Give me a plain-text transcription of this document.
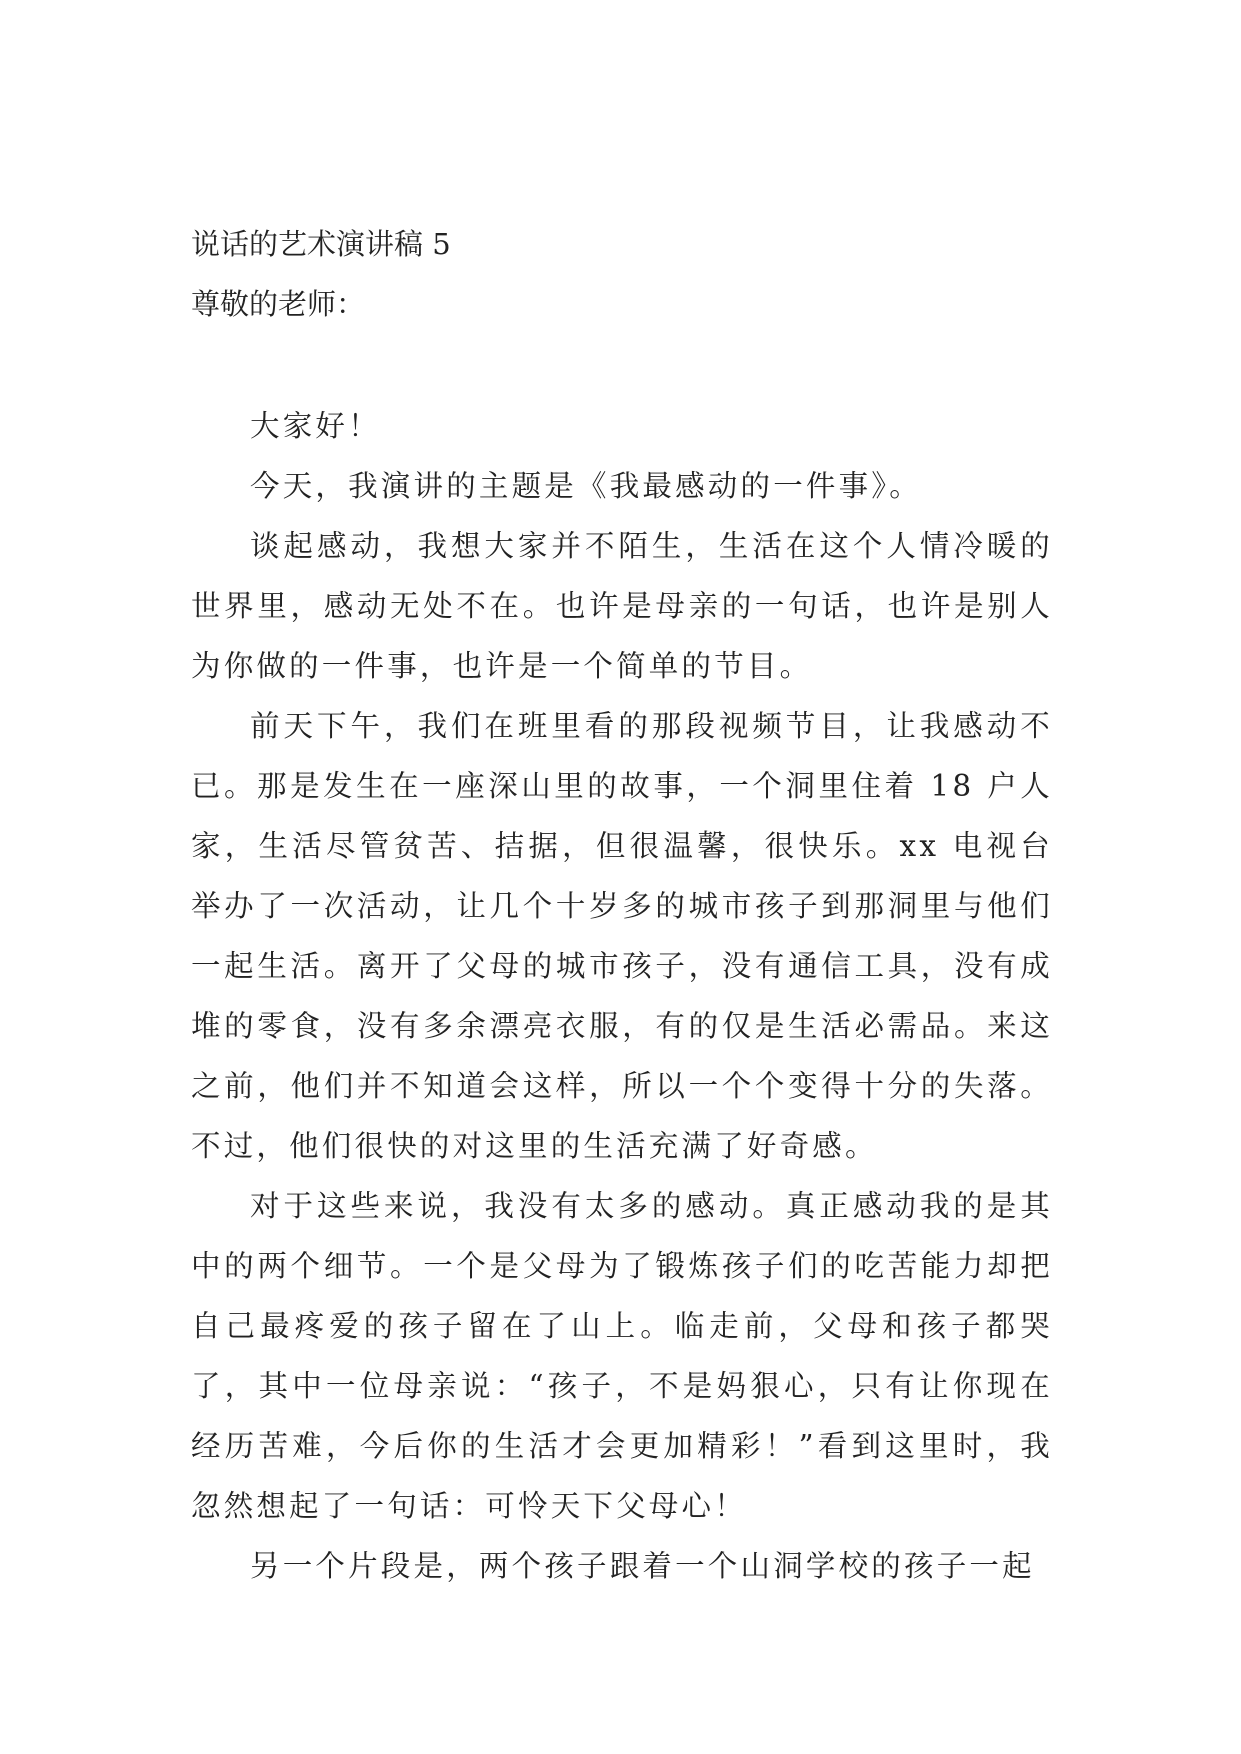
说话的艺术演讲稿 5
尊敬的老师：

大家好！

今天，我演讲的主题是《我最感动的一件事》。

谈起感动，我想大家并不陌生，生活在这个人情冷暖的世界里，感动无处不在。也许是母亲的一句话，也许是别人为你做的一件事，也许是一个简单的节目。

前天下午，我们在班里看的那段视频节目，让我感动不已。那是发生在一座深山里的故事，一个洞里住着 18 户人家，生活尽管贫苦、拮据，但很温馨，很快乐。xx 电视台举办了一次活动，让几个十岁多的城市孩子到那洞里与他们一起生活。离开了父母的城市孩子，没有通信工具，没有成堆的零食，没有多余漂亮衣服，有的仅是生活必需品。来这之前，他们并不知道会这样，所以一个个变得十分的失落。不过，他们很快的对这里的生活充满了好奇感。

对于这些来说，我没有太多的感动。真正感动我的是其中的两个细节。一个是父母为了锻炼孩子们的吃苦能力却把自己最疼爱的孩子留在了山上。临走前，父母和孩子都哭了，其中一位母亲说：“孩子，不是妈狠心，只有让你现在经历苦难，今后你的生活才会更加精彩！”看到这里时，我忽然想起了一句话：可怜天下父母心！

另一个片段是，两个孩子跟着一个山洞学校的孩子一起
